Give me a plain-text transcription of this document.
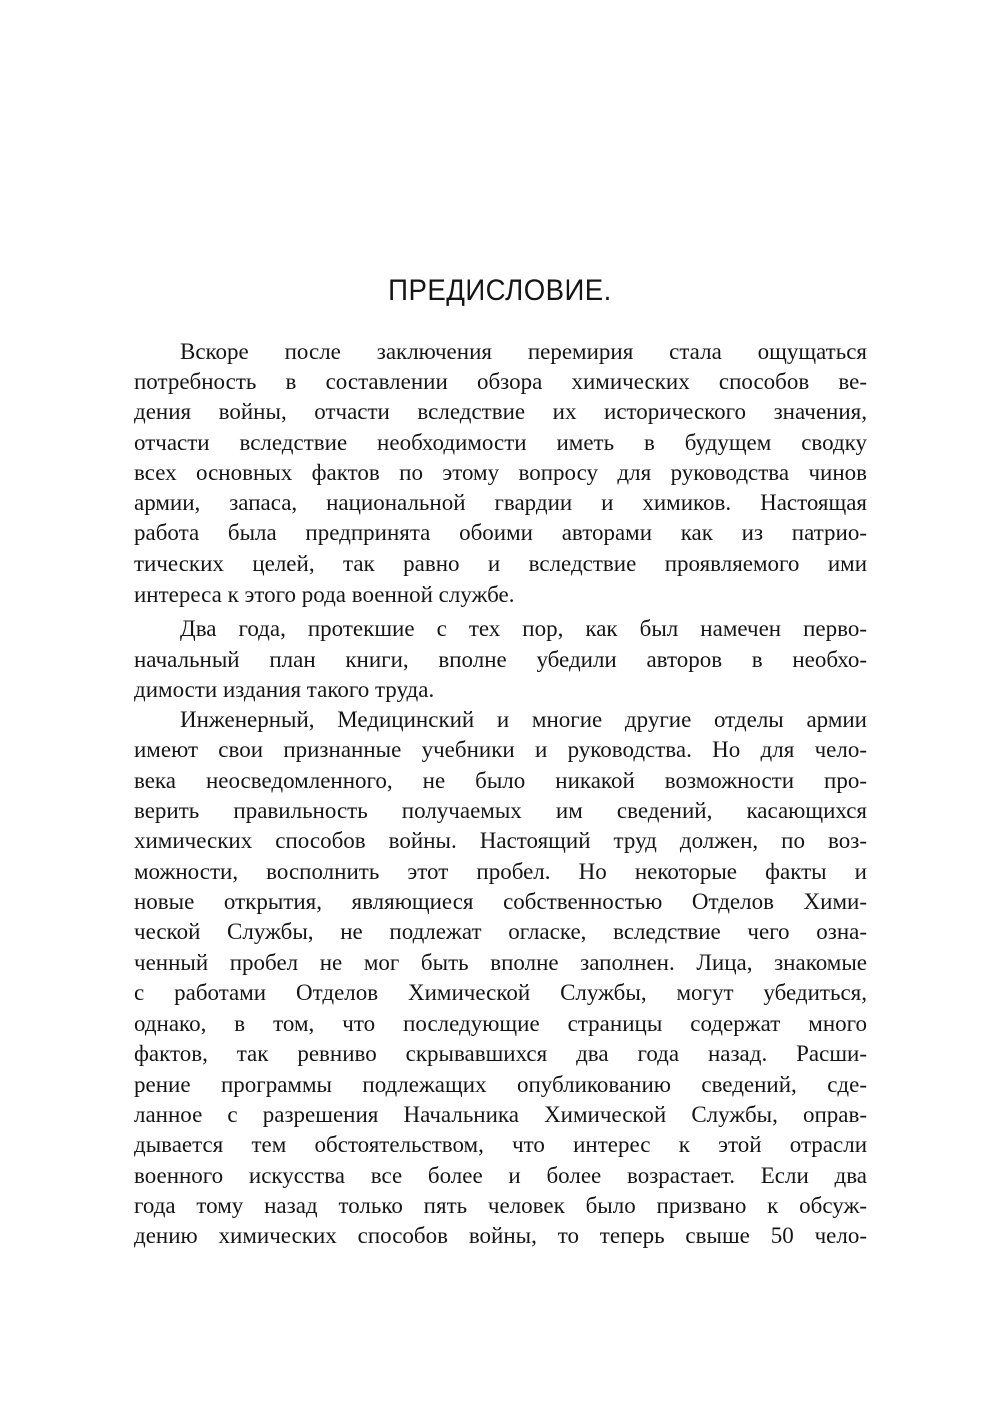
ПРЕДИСЛОВИЕ.
Вскоре после заключения перемирия стала ощущаться
потребность в составлении обзора химических способов ве-
дения войны, отчасти вследствие их исторического значения,
отчасти вследствие необходимости иметь в будущем сводку
всех основных фактов по этому вопросу для руководства чинов
армии, запаса, национальной гвардии и химиков. Настоящая
работа была предпринята обоими авторами как из патрио-
тических целей, так равно и вследствие проявляемого ими
интереса к этого рода военной службе.
Два года, протекшие с тех пор, как был намечен перво-
начальный план книги, вполне убедили авторов в необхо-
димости издания такого труда.
Инженерный, Медицинский и многие другие отделы армии
имеют свои признанные учебники и руководства. Но для чело-
века неосведомленного, не было никакой возможности про-
верить правильность получаемых им сведений, касающихся
химических способов войны. Настоящий труд должен, по воз-
можности, восполнить этот пробел. Но некоторые факты и
новые открытия, являющиеся собственностью Отделов Хими-
ческой Службы, не подлежат огласке, вследствие чего озна-
ченный пробел не мог быть вполне заполнен. Лица, знакомые
с работами Отделов Химической Службы, могут убедиться,
однако, в том, что последующие страницы содержат много
фактов, так ревниво скрывавшихся два года назад. Расши-
рение программы подлежащих опубликованию сведений, сде-
ланное с разрешения Начальника Химической Службы, оправ-
дывается тем обстоятельством, что интерес к этой отрасли
военного искусства все более и более возрастает. Если два
года тому назад только пять человек было призвано к обсуж-
дению химических способов войны, то теперь свыше 50 чело-
